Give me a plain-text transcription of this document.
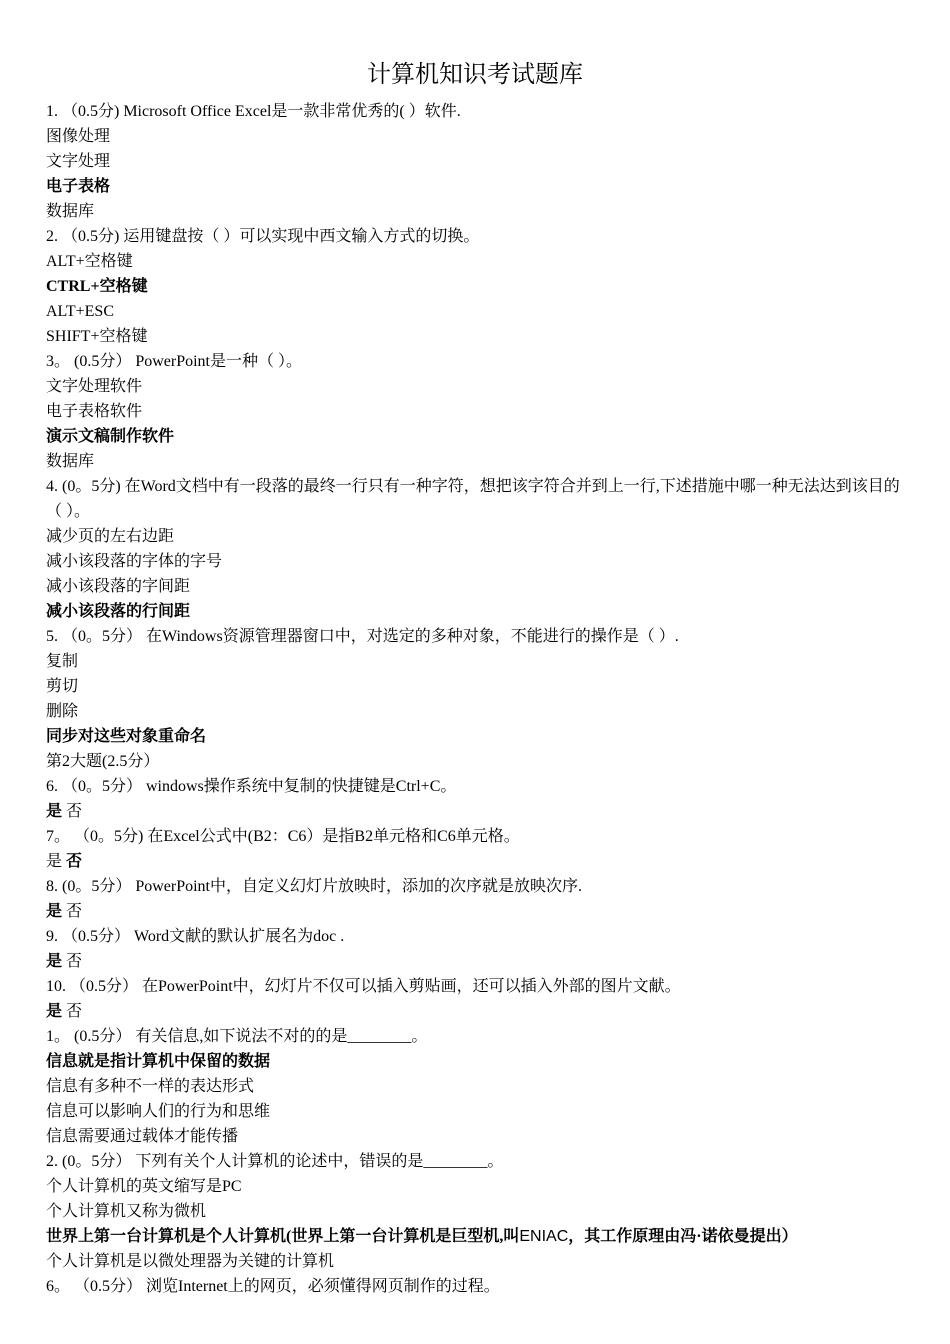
计算机知识考试题库
1. （0.5分) Microsoft Office Excel是一款非常优秀的( ）软件.
图像处理
文字处理
电子表格
数据库
2. （0.5分) 运用键盘按（ ）可以实现中西文输入方式的切换。
ALT+空格键
CTRL+空格键
ALT+ESC
SHIFT+空格键
3。 (0.5分） PowerPoint是一种（ ）。
文字处理软件
电子表格软件
演示文稿制作软件
数据库
4. (0。5分) 在Word文档中有一段落的最终一行只有一种字符，想把该字符合并到上一行,下述措施中哪一种无法达到该目的（ ）。
减少页的左右边距
减小该段落的字体的字号
减小该段落的字间距
减小该段落的行间距
5. （0。5分） 在Windows资源管理器窗口中，对选定的多种对象，不能进行的操作是（ ）.
复制
剪切
删除
同步对这些对象重命名
第2大题(2.5分）
6. （0。5分） windows操作系统中复制的快捷键是Ctrl+C。
是 否
7。 （0。5分) 在Excel公式中(B2：C6）是指B2单元格和C6单元格。
是 否
8. (0。5分） PowerPoint中，自定义幻灯片放映时，添加的次序就是放映次序.
是 否
9. （0.5分） Word文献的默认扩展名为doc .
是 否
10. （0.5分） 在PowerPoint中，幻灯片不仅可以插入剪贴画，还可以插入外部的图片文献。
是 否
1。 (0.5分） 有关信息,如下说法不对的的是________。
信息就是指计算机中保留的数据
信息有多种不一样的表达形式
信息可以影响人们的行为和思维
信息需要通过载体才能传播
2. (0。5分） 下列有关个人计算机的论述中，错误的是________。
个人计算机的英文缩写是PC
个人计算机又称为微机
世界上第一台计算机是个人计算机(世界上第一台计算机是巨型机,叫ENIAC，其工作原理由冯·诺依曼提出）
个人计算机是以微处理器为关键的计算机
6。 （0.5分） 浏览Internet上的网页，必须懂得网页制作的过程。
